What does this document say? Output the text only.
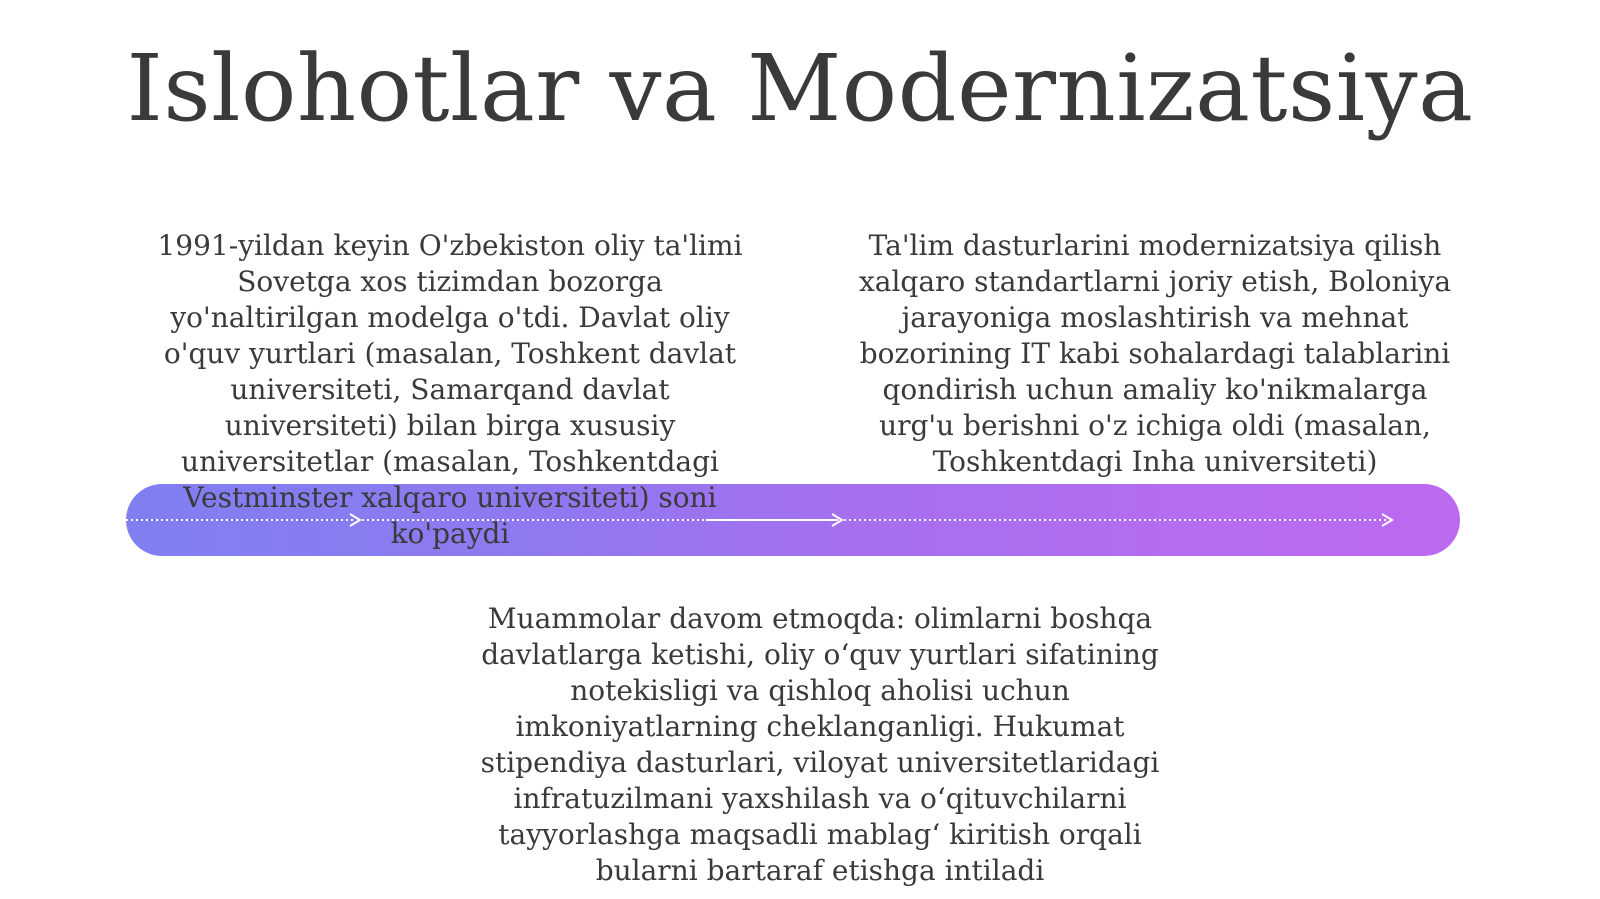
Islohotlar va Modernizatsiya

1991-yildan keyin O'zbekiston oliy ta'limi Sovetga xos tizimdan bozorga yo'naltirilgan modelga o'tdi. Davlat oliy o'quv yurtlari (masalan, Toshkent davlat universiteti, Samarqand davlat universiteti) bilan birga xususiy universitetlar (masalan, Toshkentdagi Vestminster xalqaro universiteti) soni ko'paydi

Ta'lim dasturlarini modernizatsiya qilish xalqaro standartlarni joriy etish, Boloniya jarayoniga moslashtirish va mehnat bozorining IT kabi sohalardagi talablarini qondirish uchun amaliy ko'nikmalarga urg'u berishni o'z ichiga oldi (masalan, Toshkentdagi Inha universiteti)

Muammolar davom etmoqda: olimlarni boshqa davlatlarga ketishi, oliy o‘quv yurtlari sifatining notekisligi va qishloq aholisi uchun imkoniyatlarning cheklanganligi. Hukumat stipendiya dasturlari, viloyat universitetlaridagi infratuzilmani yaxshilash va o‘qituvchilarni tayyorlashga maqsadli mablag‘ kiritish orqali bularni bartaraf etishga intiladi
